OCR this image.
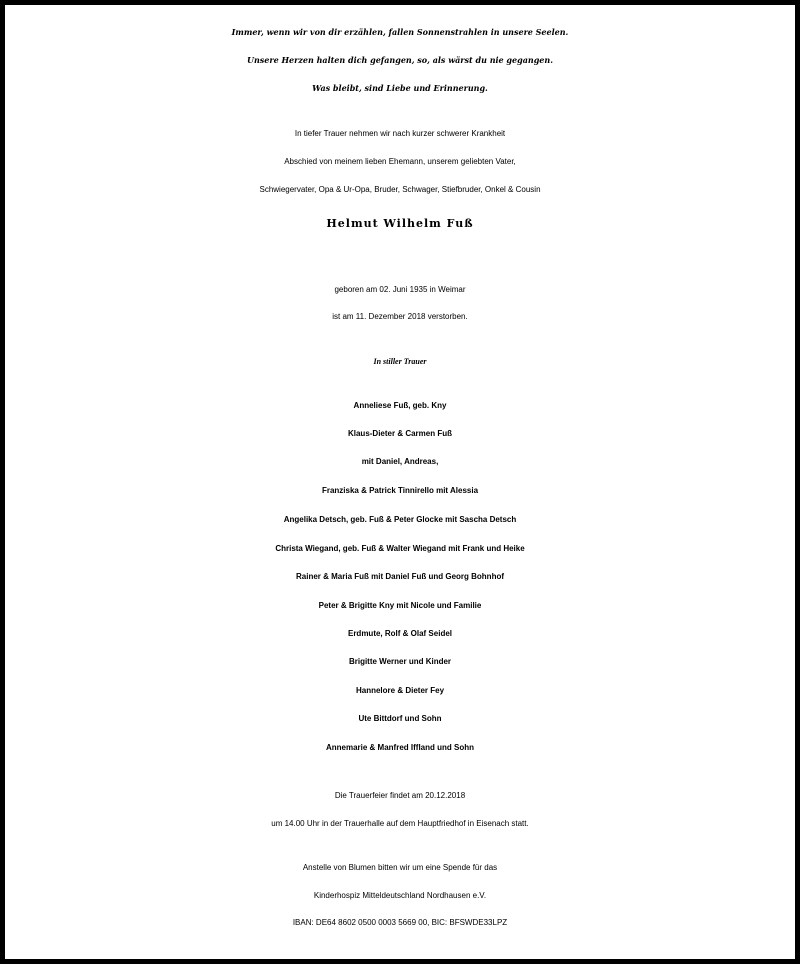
Immer, wenn wir von dir erzählen, fallen Sonnenstrahlen in unsere Seelen.
Unsere Herzen halten dich gefangen, so, als wärst du nie gegangen.
Was bleibt, sind Liebe und Erinnerung.
In tiefer Trauer nehmen wir nach kurzer schwerer Krankheit
Abschied von meinem lieben Ehemann, unserem geliebten Vater,
Schwiegervater, Opa & Ur-Opa, Bruder, Schwager, Stiefbruder, Onkel & Cousin
Helmut Wilhelm Fuß
geboren am 02. Juni 1935 in Weimar
ist am 11. Dezember 2018 verstorben.
In stiller Trauer
Anneliese Fuß, geb. Kny
Klaus-Dieter & Carmen Fuß
mit Daniel, Andreas,
Franziska & Patrick Tinnirello mit Alessia
Angelika Detsch, geb. Fuß & Peter Glocke mit Sascha Detsch
Christa Wiegand, geb. Fuß & Walter Wiegand mit Frank und Heike
Rainer & Maria Fuß mit Daniel Fuß und Georg Bohnhof
Peter & Brigitte Kny mit Nicole und Familie
Erdmute, Rolf & Olaf Seidel
Brigitte Werner und Kinder
Hannelore & Dieter Fey
Ute Bittdorf und Sohn
Annemarie & Manfred Iffland und Sohn
Die Trauerfeier findet am 20.12.2018
um 14.00 Uhr in der Trauerhalle auf dem Hauptfriedhof in Eisenach statt.
Anstelle von Blumen bitten wir um eine Spende für das
Kinderhospiz Mitteldeutschland Nordhausen e.V.
IBAN: DE64 8602 0500 0003 5669 00, BIC: BFSWDE33LPZ
